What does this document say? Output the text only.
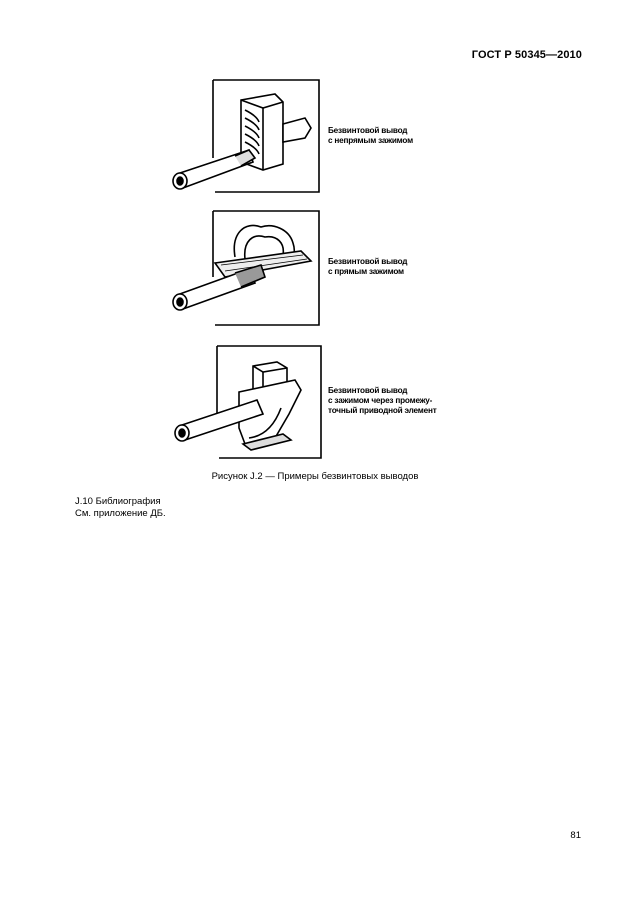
ГОСТ Р 50345—2010
Безвинтовой вывод
с непрямым зажимом
Безвинтовой вывод
с прямым зажимом
Безвинтовой вывод
с зажимом через промежу-
точный приводной элемент
Рисунок J.2 — Примеры безвинтовых выводов
J.10 Библиография
См. приложение ДБ.
81
